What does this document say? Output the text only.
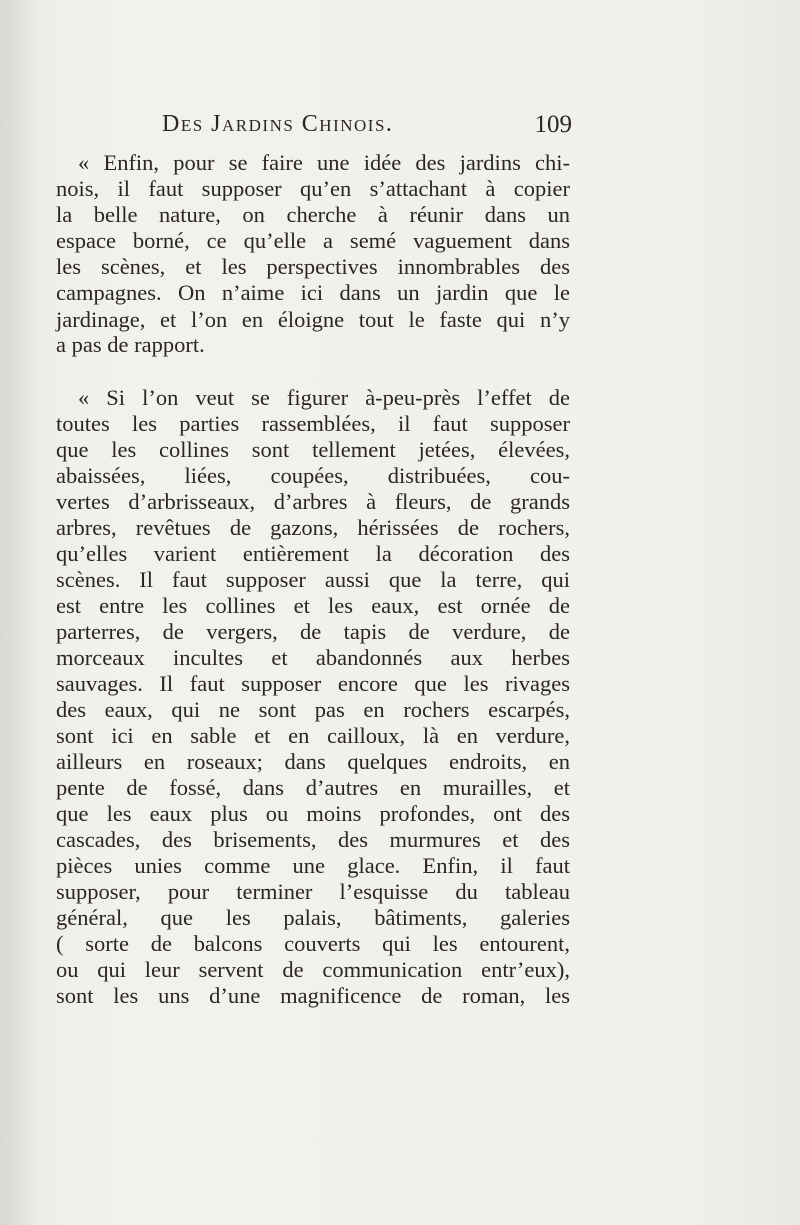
Des Jardins Chinois.	109
« Enfin, pour se faire une idée des jardins chi-
nois, il faut supposer qu’en s’attachant à copier
la belle nature, on cherche à réunir dans un
espace borné, ce qu’elle a semé vaguement dans
les scènes, et les perspectives innombrables des
campagnes. On n’aime ici dans un jardin que le
jardinage, et l’on en éloigne tout le faste qui n’y
a pas de rapport.
« Si l’on veut se figurer à-peu-près l’effet de
toutes les parties rassemblées, il faut supposer
que les collines sont tellement jetées, élevées,
abaissées, liées, coupées, distribuées, cou-
vertes d’arbrisseaux, d’arbres à fleurs, de grands
arbres, revêtues de gazons, hérissées de rochers,
qu’elles varient entièrement la décoration des
scènes. Il faut supposer aussi que la terre, qui
est entre les collines et les eaux, est ornée de
parterres, de vergers, de tapis de verdure, de
morceaux incultes et abandonnés aux herbes
sauvages. Il faut supposer encore que les rivages
des eaux, qui ne sont pas en rochers escarpés,
sont ici en sable et en cailloux, là en verdure,
ailleurs en roseaux; dans quelques endroits, en
pente de fossé, dans d’autres en murailles, et
que les eaux plus ou moins profondes, ont des
cascades, des brisements, des murmures et des
pièces unies comme une glace. Enfin, il faut
supposer, pour terminer l’esquisse du tableau
général, que les palais, bâtiments, galeries
( sorte de balcons couverts qui les entourent,
ou qui leur servent de communication entr’eux),
sont les uns d’une magnificence de roman, les
